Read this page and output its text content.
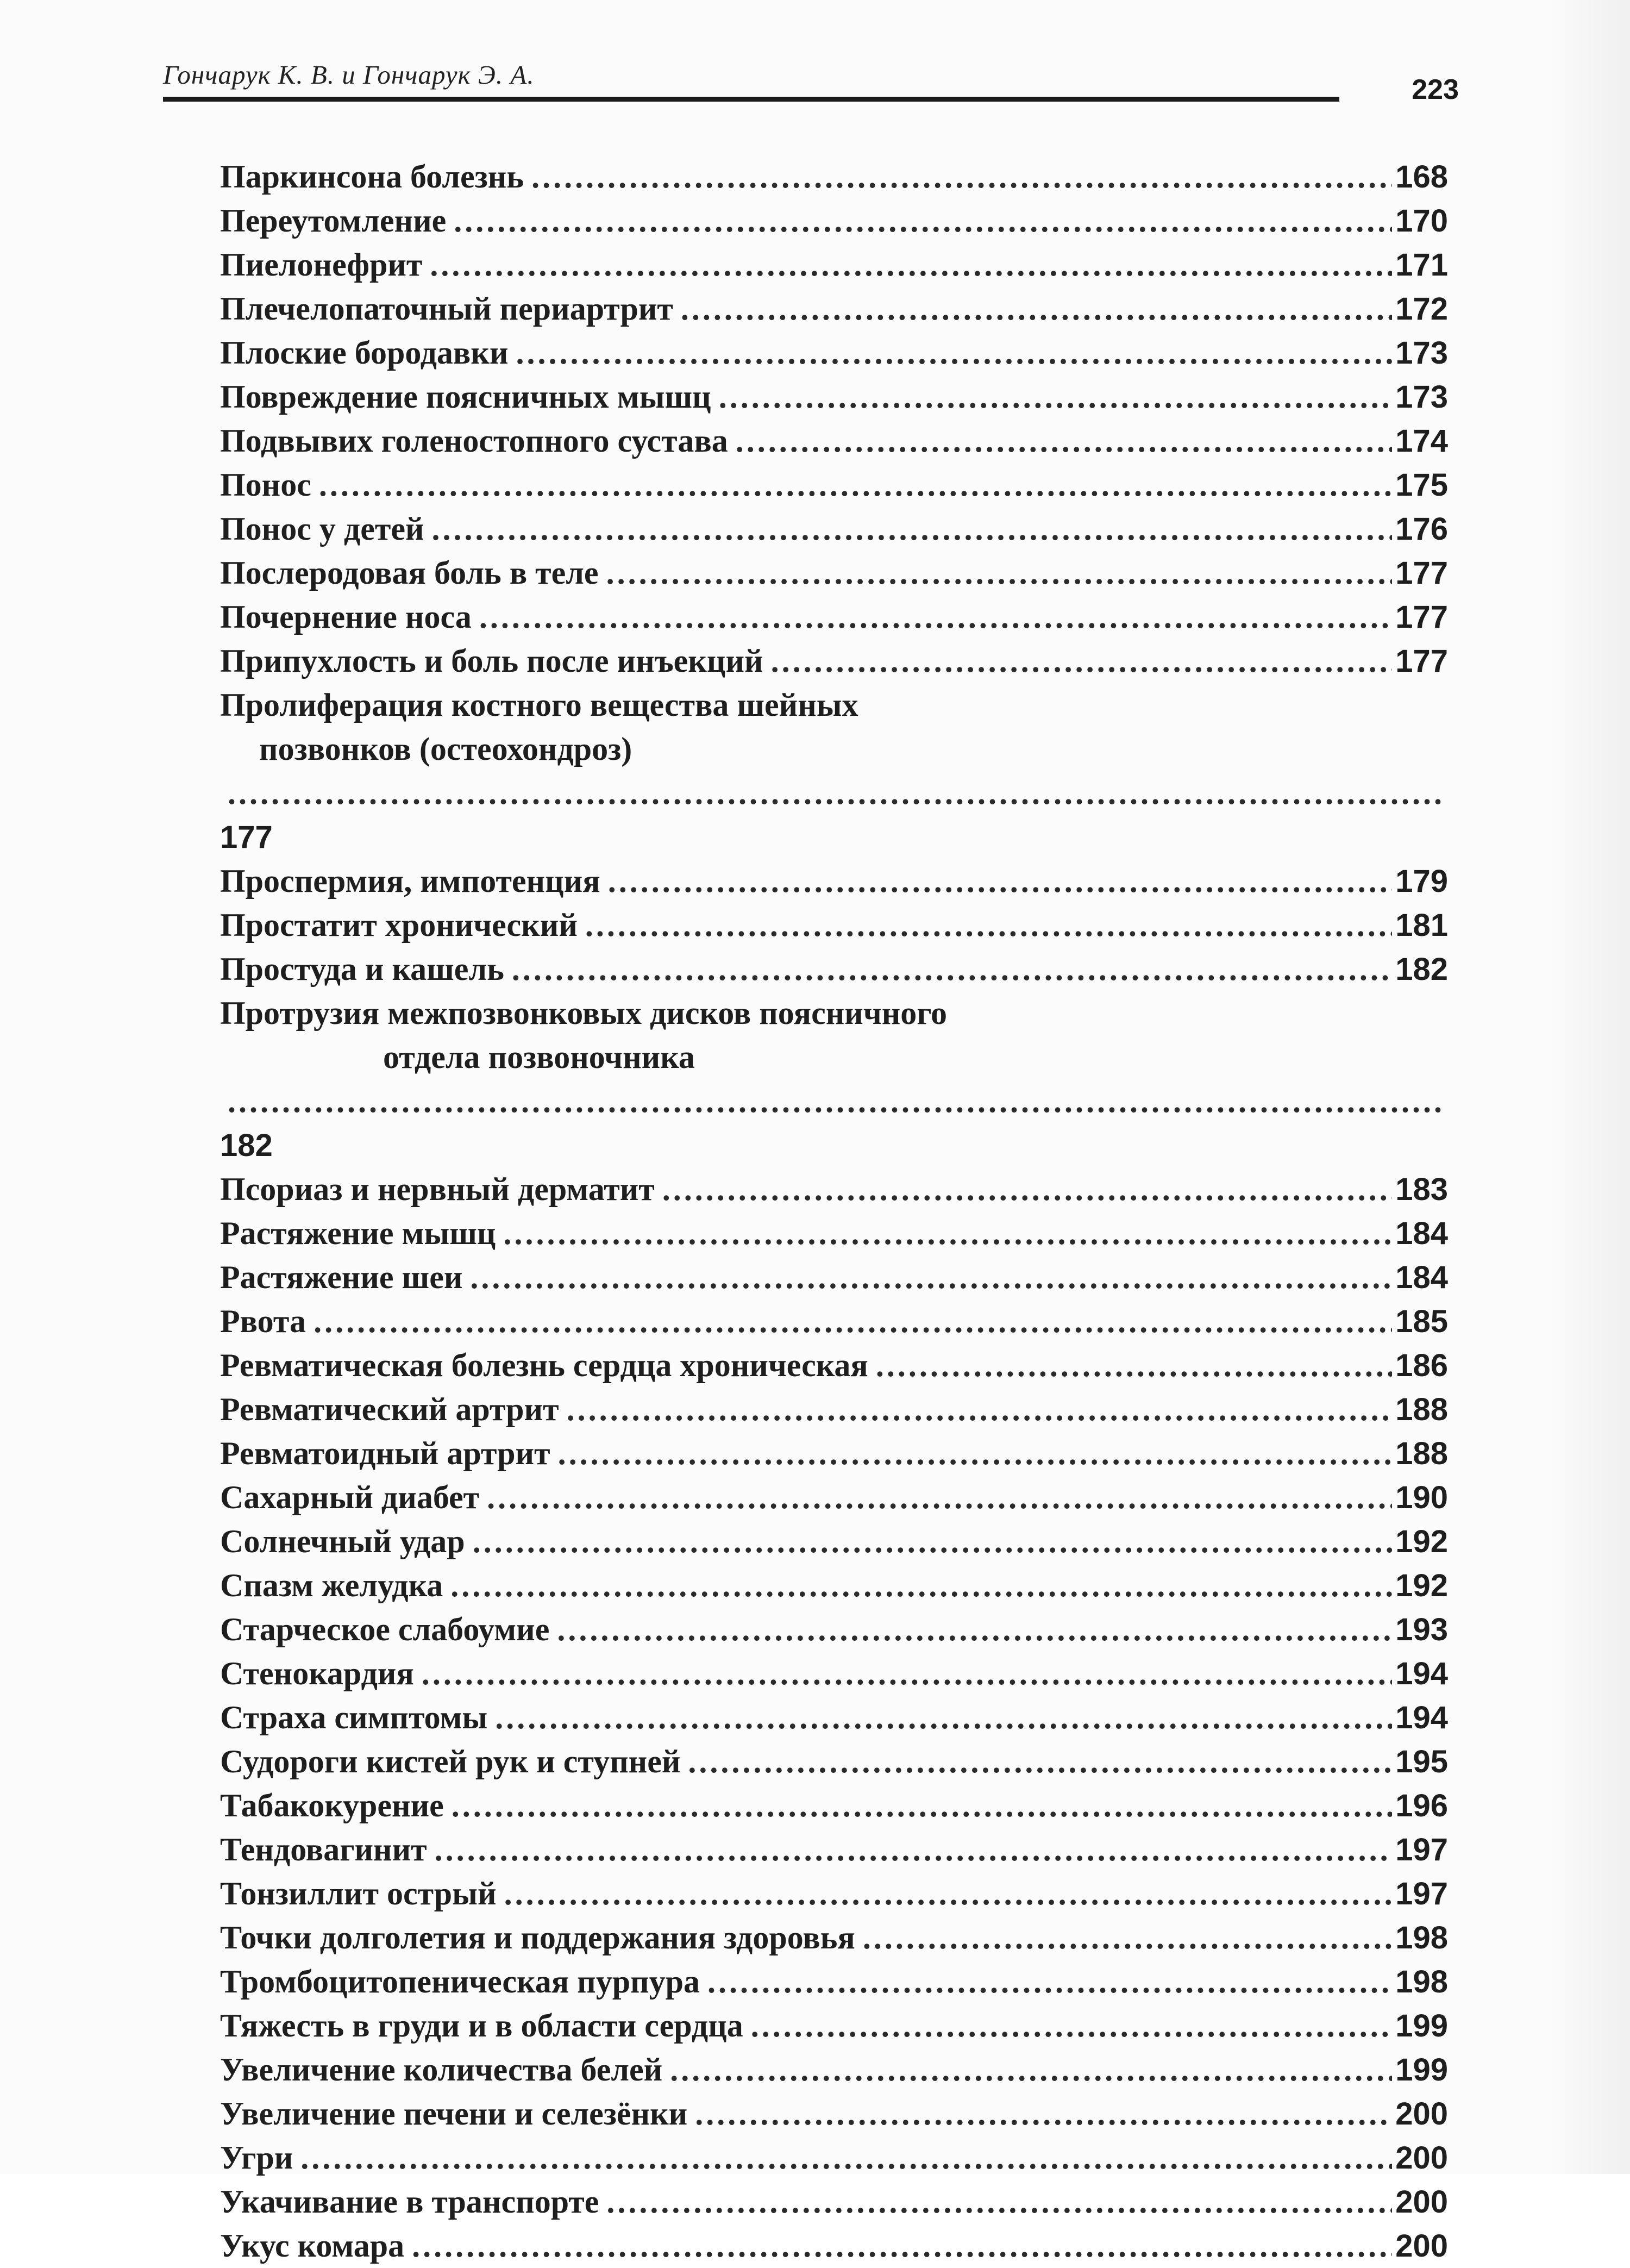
Гончарук К. В. и Гончарук Э. А.	223
Паркинсона болезнь .....	168
Переутомление .....	170
Пиелонефрит .....	171
Плечелопаточный периартрит .....	172
Плоские бородавки .....	173
Повреждение поясничных мышц .....	173
Подвывих голеностопного сустава .....	174
Понос .....	175
Понос у детей .....	176
Послеродовая боль в теле .....	177
Почернение носа .....	177
Припухлость и боль после инъекций .....	177
Пролиферация костного вещества шейных
позвонков (остеохондроз)
.....
177
Проспермия, импотенция .....	179
Простатит хронический .....	181
Простуда и кашель .....	182
Протрузия межпозвонковых дисков поясничного
отдела позвоночника
.....
182
Псориаз и нервный дерматит .....	183
Растяжение мышц .....	184
Растяжение шеи .....	184
Рвота .....	185
Ревматическая болезнь сердца хроническая .....	186
Ревматический артрит .....	188
Ревматоидный артрит .....	188
Сахарный диабет .....	190
Солнечный удар .....	192
Спазм желудка .....	192
Старческое слабоумие .....	193
Стенокардия .....	194
Страха симптомы .....	194
Судороги кистей рук и ступней .....	195
Табакокурение .....	196
Тендовагинит .....	197
Тонзиллит острый .....	197
Точки долголетия и поддержания здоровья .....	198
Тромбоцитопеническая пурпура .....	198
Тяжесть в груди и в области сердца .....	199
Увеличение количества белей .....	199
Увеличение печени и селезёнки .....	200
Угри .....	200
Укачивание в транспорте .....	200
Укус комара .....	200
